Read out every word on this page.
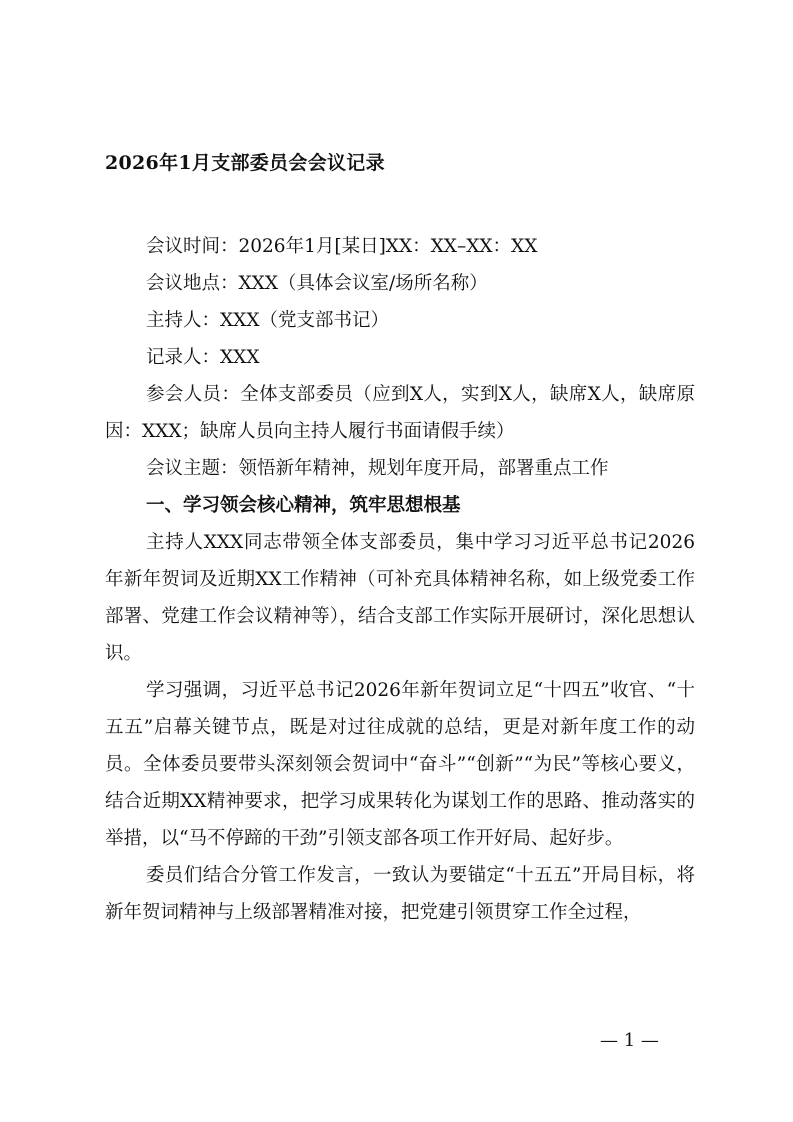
2026年1月支部委员会会议记录

会议时间：2026年1月[某日]XX：XX–XX：XX

会议地点：XXX（具体会议室/场所名称）

主持人：XXX（党支部书记）

记录人：XXX

参会人员：全体支部委员（应到X人，实到X人，缺席X人，缺席原因：XXX；缺席人员向主持人履行书面请假手续）

会议主题：领悟新年精神，规划年度开局，部署重点工作

一、学习领会核心精神，筑牢思想根基

主持人XXX同志带领全体支部委员，集中学习习近平总书记2026年新年贺词及近期XX工作精神（可补充具体精神名称，如上级党委工作部署、党建工作会议精神等），结合支部工作实际开展研讨，深化思想认识。

学习强调，习近平总书记2026年新年贺词立足“十四五”收官、“十五五”启幕关键节点，既是对过往成就的总结，更是对新年度工作的动员。全体委员要带头深刻领会贺词中“奋斗”“创新”“为民”等核心要义，结合近期XX精神要求，把学习成果转化为谋划工作的思路、推动落实的举措，以“马不停蹄的干劲”引领支部各项工作开好局、起好步。

委员们结合分管工作发言，一致认为要锚定“十五五”开局目标，将新年贺词精神与上级部署精准对接，把党建引领贯穿工作全过程，

— 1 —
